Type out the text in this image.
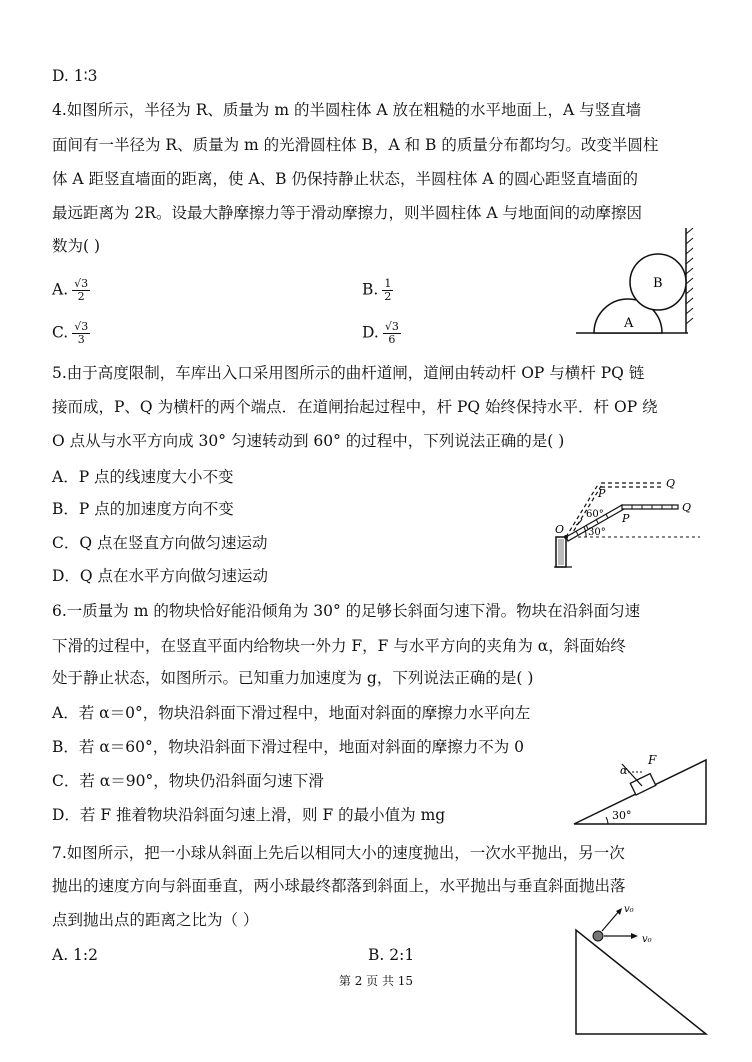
D. 1∶3
4.如图所示，半径为 R、质量为 m 的半圆柱体 A 放在粗糙的水平地面上，A 与竖直墙
面间有一半径为 R、质量为 m 的光滑圆柱体 B，A 和 B 的质量分布都均匀。改变半圆柱
体 A 距竖直墙面的距离，使 A、B 仍保持静止状态，半圆柱体 A 的圆心距竖直墙面的
最远距离为 2R。设最大静摩擦力等于滑动摩擦力，则半圆柱体 A 与地面间的动摩擦因
数为( )
A. $\frac{√3}{2}$	B. $\frac{1}{2}$
C. $\frac{√3}{3}$	D. $\frac{√3}{6}$	A
B
5.由于高度限制，车库出入口采用图所示的曲杆道闸，道闸由转动杆 OP 与横杆 PQ 链
接而成，P、Q 为横杆的两个端点．在道闸抬起过程中，杆 PQ 始终保持水平．杆 OP 绕
O 点从与水平方向成 30° 匀速转动到 60° 的过程中，下列说法正确的是( )
A．P 点的线速度大小不变
B．P 点的加速度方向不变
C．Q 点在竖直方向做匀速运动
D．Q 点在水平方向做匀速运动
Q
P
60° P
Q
O 30°
6.一质量为 m 的物块恰好能沿倾角为 30° 的足够长斜面匀速下滑。物块在沿斜面匀速
下滑的过程中，在竖直平面内给物块一外力 F，F 与水平方向的夹角为 α，斜面始终
处于静止状态，如图所示。已知重力加速度为 g，下列说法正确的是( )
A．若 α＝0°，物块沿斜面下滑过程中，地面对斜面的摩擦力水平向左
B．若 α＝60°，物块沿斜面下滑过程中，地面对斜面的摩擦力不为 0
C．若 α＝90°，物块仍沿斜面匀速下滑
D．若 F 推着物块沿斜面匀速上滑，则 F 的最小值为 mg
α
F
30°
7.如图所示，把一小球从斜面上先后以相同大小的速度抛出，一次水平抛出，另一次
抛出的速度方向与斜面垂直，两小球最终都落到斜面上，水平抛出与垂直斜面抛出落
点到抛出点的距离之比为（ ）
A. 1:2	B. 2:1
v₀
v₀
第 2 页 共 15
